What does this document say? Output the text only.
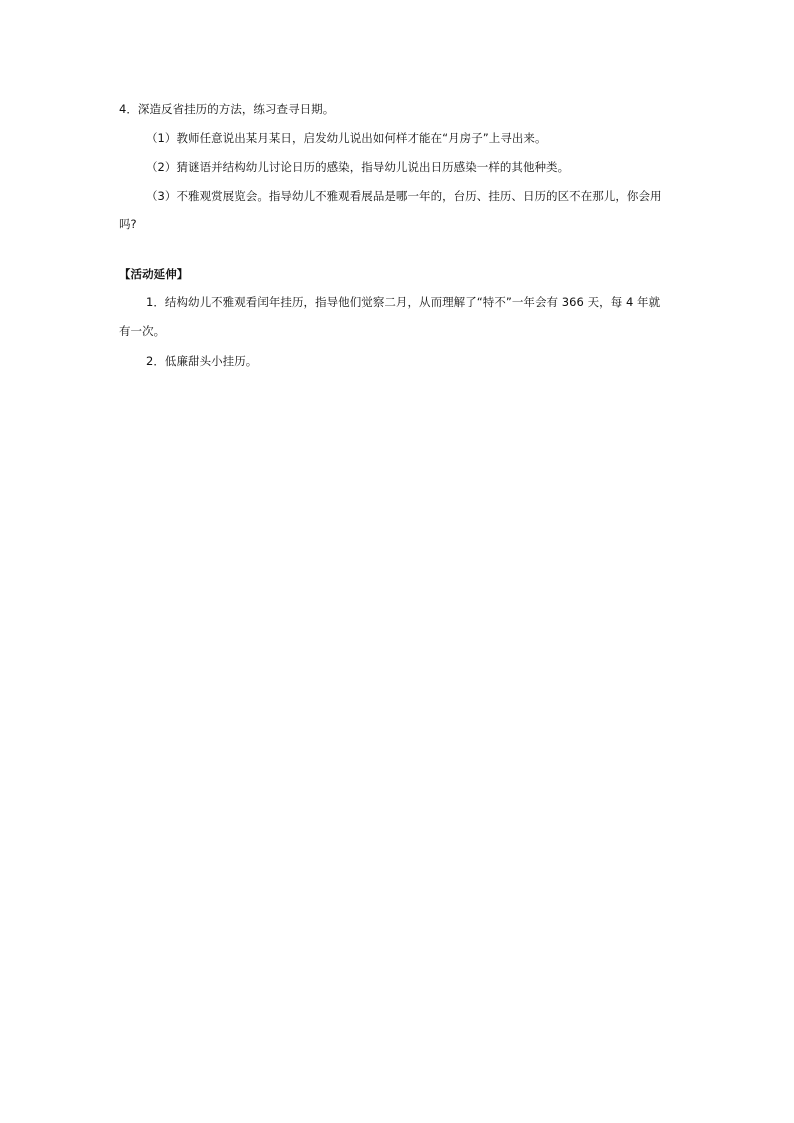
4．深造反省挂历的方法，练习查寻日期。
（1）教师任意说出某月某日，启发幼儿说出如何样才能在“月房子”上寻出来。
（2）猜谜语并结构幼儿讨论日历的感染，指导幼儿说出日历感染一样的其他种类。
（3）不雅观赏展览会。指导幼儿不雅观看展品是哪一年的，台历、挂历、日历的区不在那儿，你会用
吗?
【活动延伸】
1．结构幼儿不雅观看闰年挂历，指导他们觉察二月，从而理解了“特不”一年会有 366 天，每 4 年就
有一次。
2．低廉甜头小挂历。
